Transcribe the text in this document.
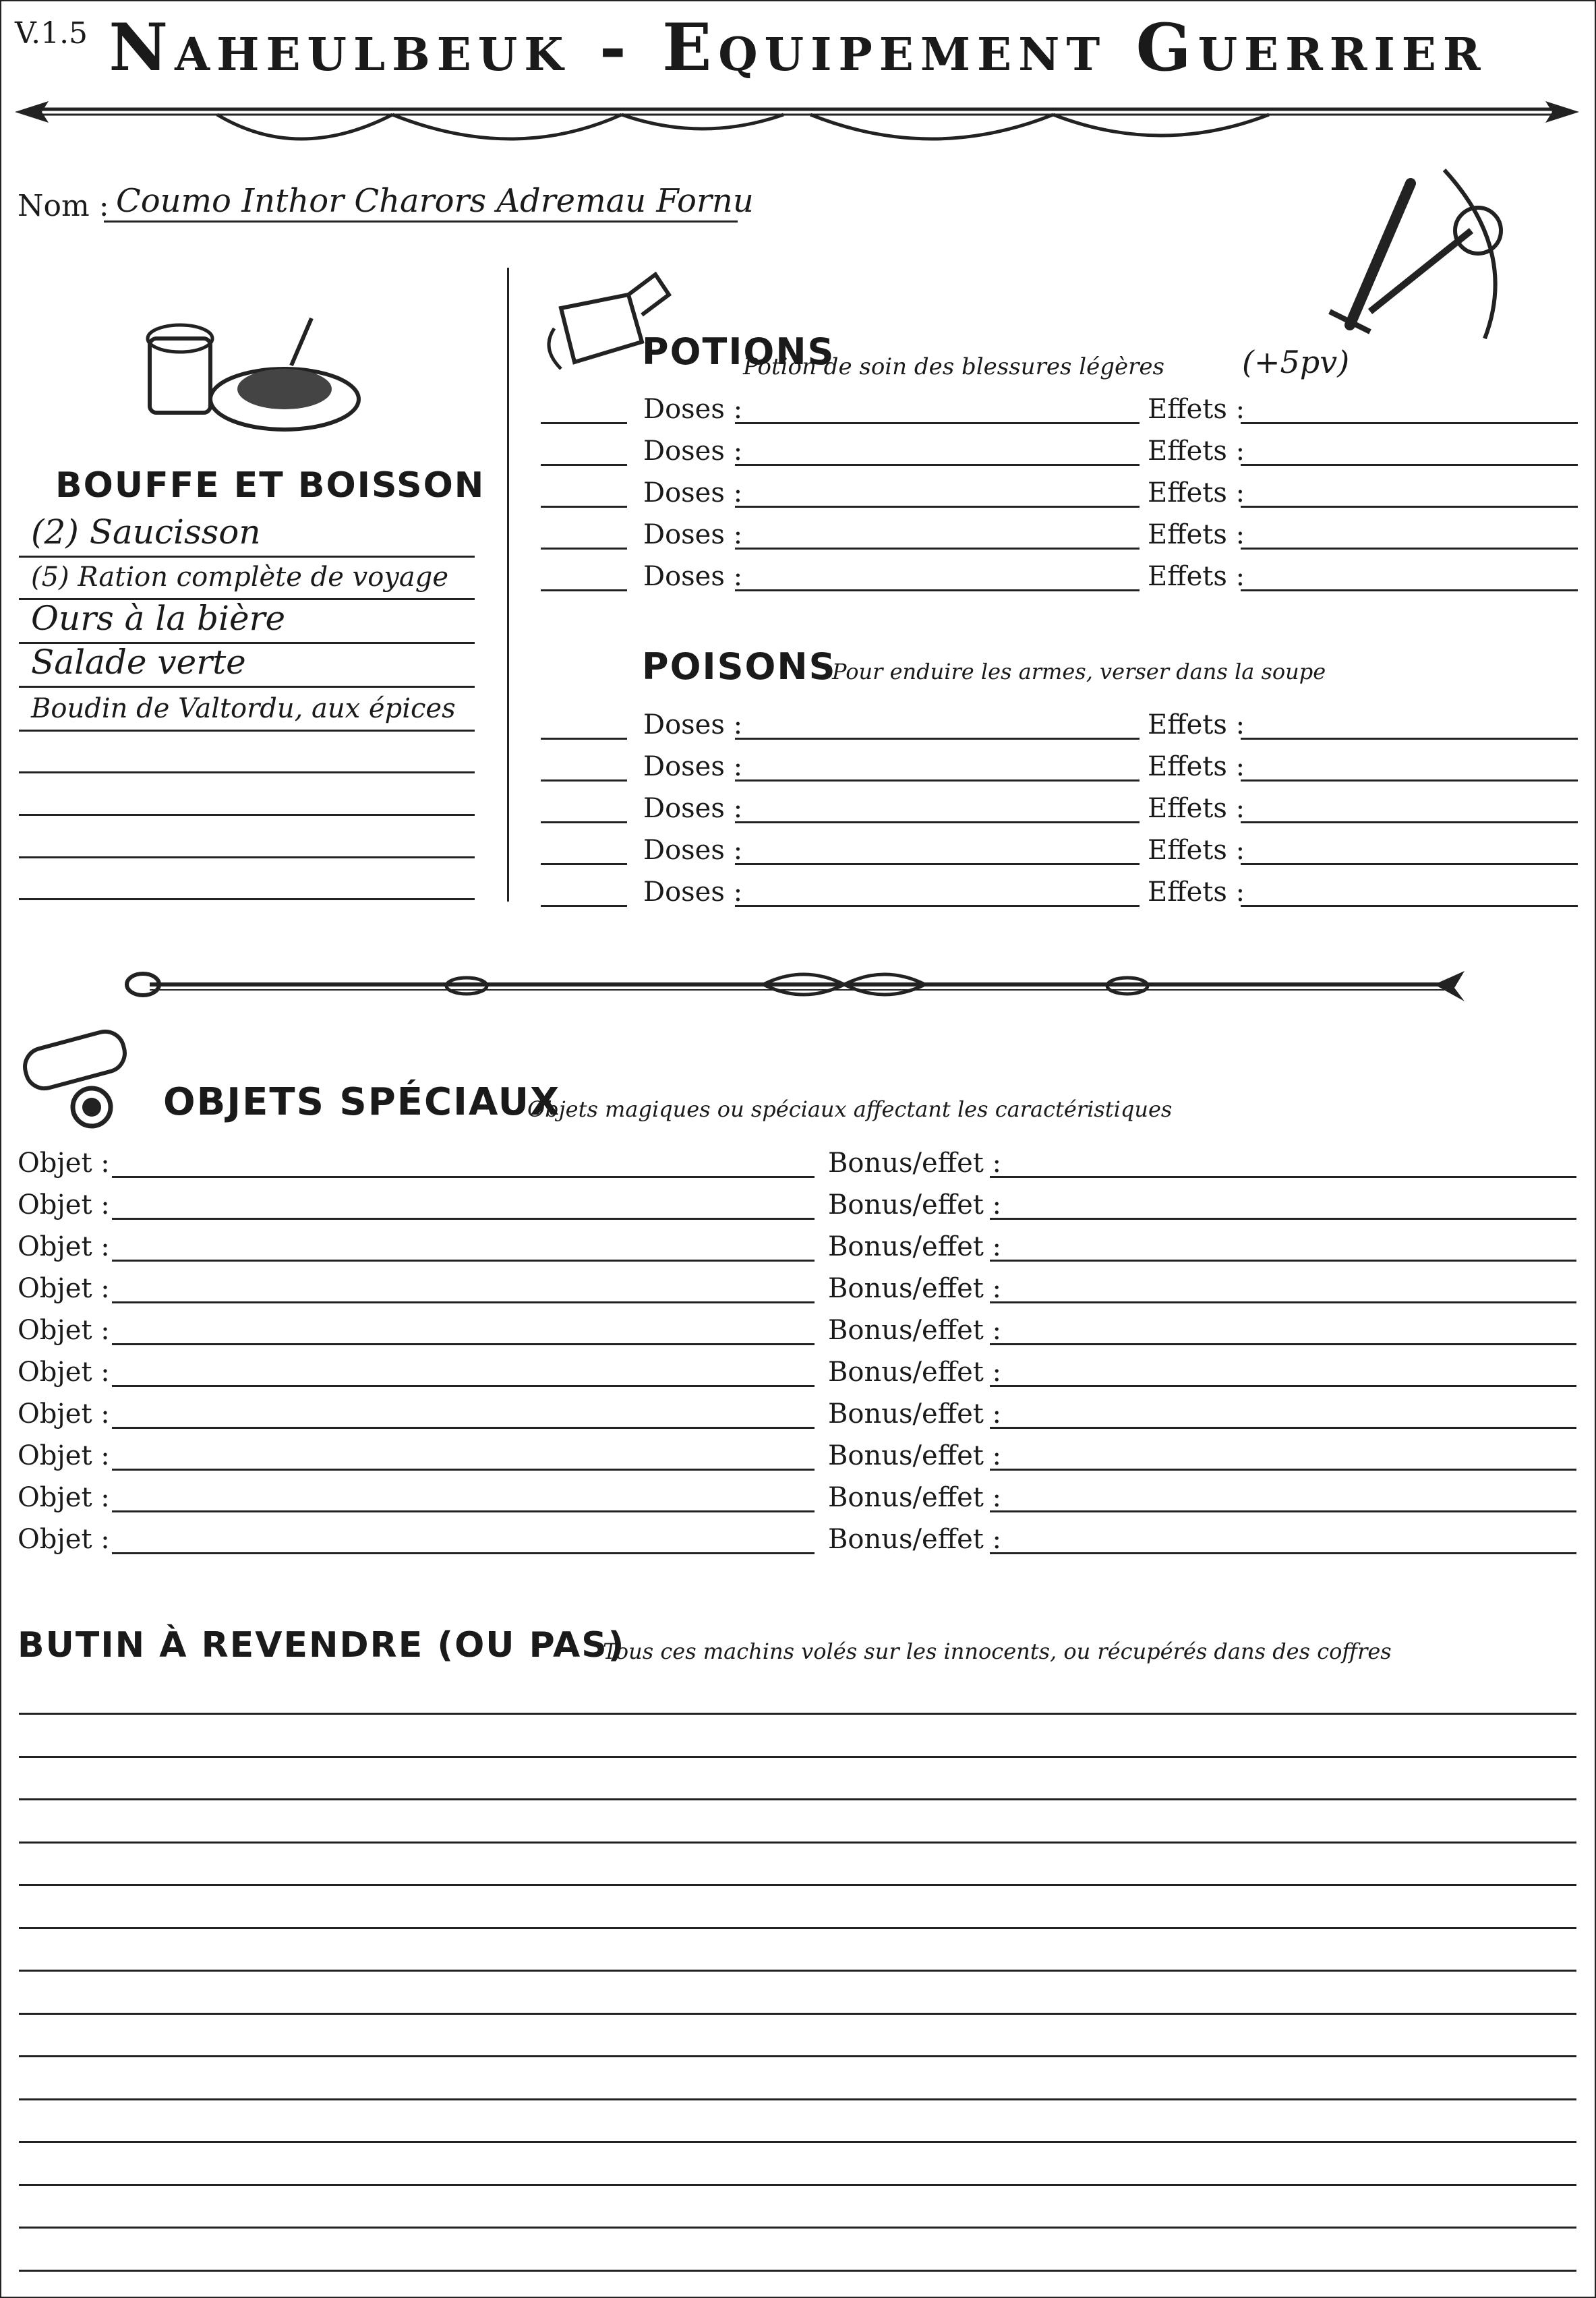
V.1.5 Naheulbeuk - Equipement Guerrier
Nom : Coumo Inthor Charors Adremau Fornu
BOUFFE ET BOISSON
(2) Saucisson
(5) Ration complète de voyage
Ours à la bière
Salade verte
Boudin de Valtordu, aux épices
POTIONS
Potion de soin des blessures légères	(+5pv)
Doses :	Effets :
Doses :	Effets :
Doses :	Effets :
Doses :	Effets :
Doses :	Effets :
POISONS
Pour enduire les armes, verser dans la soupe
Doses :	Effets :
Doses :	Effets :
Doses :	Effets :
Doses :	Effets :
Doses :	Effets :
OBJETS SPÉCIAUX
Objets magiques ou spéciaux affectant les caractéristiques
Objet :	Bonus/effet :
Objet :	Bonus/effet :
Objet :	Bonus/effet :
Objet :	Bonus/effet :
Objet :	Bonus/effet :
Objet :	Bonus/effet :
Objet :	Bonus/effet :
Objet :	Bonus/effet :
Objet :	Bonus/effet :
Objet :	Bonus/effet :
BUTIN À REVENDRE (OU PAS)
Tous ces machins volés sur les innocents, ou récupérés dans des coffres
